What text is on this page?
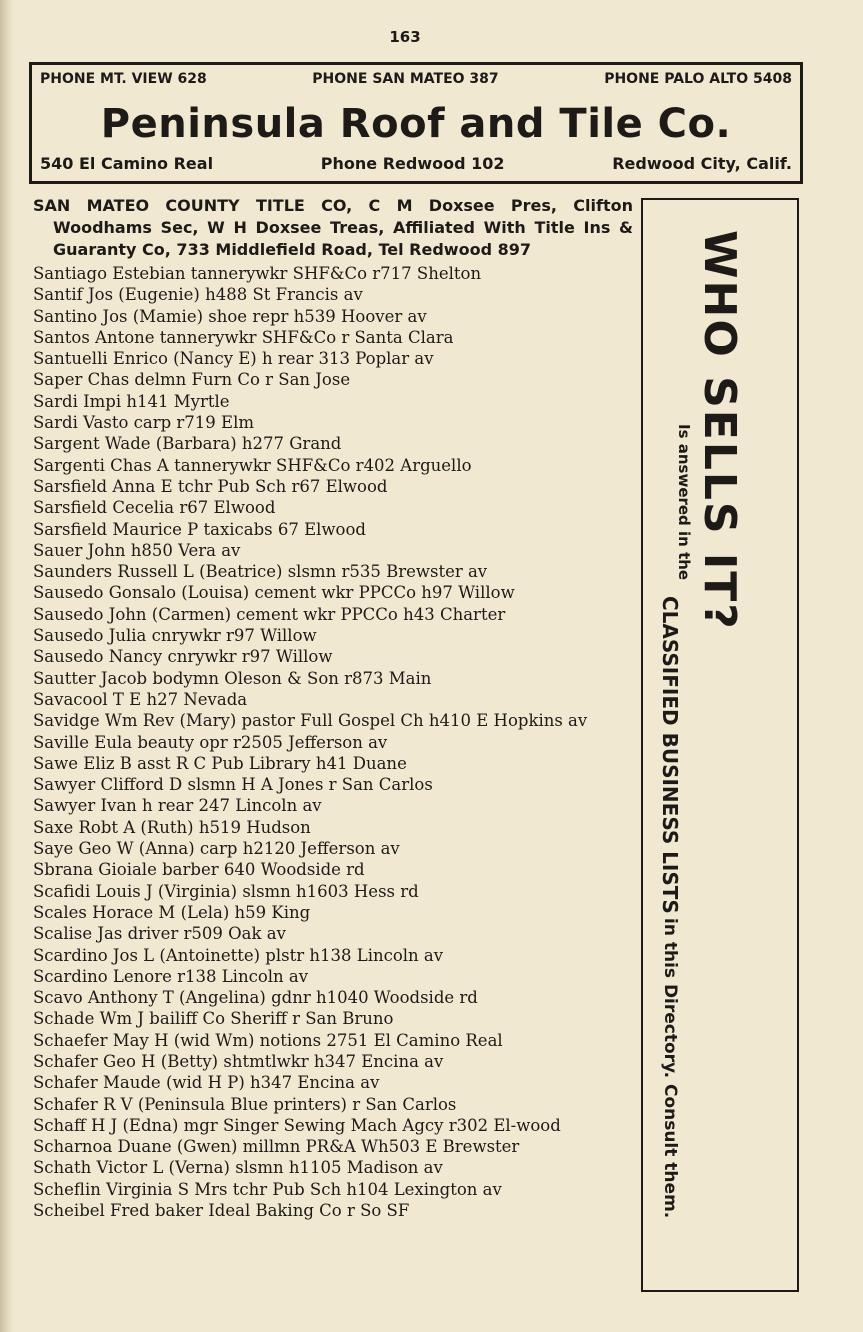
163
PHONE MT. VIEW 628	PHONE SAN MATEO 387	PHONE PALO ALTO 5408
Peninsula Roof and Tile Co.
540 El Camino Real	Phone Redwood 102	Redwood City, Calif.
SAN MATEO COUNTY TITLE CO, C M Doxsee Pres, Clifton Woodhams Sec, W H Doxsee Treas, Affiliated With Title Ins & Guaranty Co, 733 Middlefield Road, Tel Redwood 897
Santiago Estebian tannerywkr SHF&Co r717 Shelton
Santif Jos (Eugenie) h488 St Francis av
Santino Jos (Mamie) shoe repr h539 Hoover av
Santos Antone tannerywkr SHF&Co r Santa Clara
Santuelli Enrico (Nancy E) h rear 313 Poplar av
Saper Chas delmn Furn Co r San Jose
Sardi Impi h141 Myrtle
Sardi Vasto carp r719 Elm
Sargent Wade (Barbara) h277 Grand
Sargenti Chas A tannerywkr SHF&Co r402 Arguello
Sarsfield Anna E tchr Pub Sch r67 Elwood
Sarsfield Cecelia r67 Elwood
Sarsfield Maurice P taxicabs 67 Elwood
Sauer John h850 Vera av
Saunders Russell L (Beatrice) slsmn r535 Brewster av
Sausedo Gonsalo (Louisa) cement wkr PPCCo h97 Willow
Sausedo John (Carmen) cement wkr PPCCo h43 Charter
Sausedo Julia cnrywkr r97 Willow
Sausedo Nancy cnrywkr r97 Willow
Sautter Jacob bodymn Oleson & Son r873 Main
Savacool T E h27 Nevada
Savidge Wm Rev (Mary) pastor Full Gospel Ch h410 E Hopkins av
Saville Eula beauty opr r2505 Jefferson av
Sawe Eliz B asst R C Pub Library h41 Duane
Sawyer Clifford D slsmn H A Jones r San Carlos
Sawyer Ivan h rear 247 Lincoln av
Saxe Robt A (Ruth) h519 Hudson
Saye Geo W (Anna) carp h2120 Jefferson av
Sbrana Gioiale barber 640 Woodside rd
Scafidi Louis J (Virginia) slsmn h1603 Hess rd
Scales Horace M (Lela) h59 King
Scalise Jas driver r509 Oak av
Scardino Jos L (Antoinette) plstr h138 Lincoln av
Scardino Lenore r138 Lincoln av
Scavo Anthony T (Angelina) gdnr h1040 Woodside rd
Schade Wm J bailiff Co Sheriff r San Bruno
Schaefer May H (wid Wm) notions 2751 El Camino Real
Schafer Geo H (Betty) shtmtlwkr h347 Encina av
Schafer Maude (wid H P) h347 Encina av
Schafer R V (Peninsula Blue printers) r San Carlos
Schaff H J (Edna) mgr Singer Sewing Mach Agcy r302 El-wood
Scharnoa Duane (Gwen) millmn PR&A Wh503 E Brewster
Schath Victor L (Verna) slsmn h1105 Madison av
Scheflin Virginia S Mrs tchr Pub Sch h104 Lexington av
Scheibel Fred baker Ideal Baking Co r So SF
WHO SELLS IT?
Is answered in the
CLASSIFIED BUSINESS LISTS
in this Directory. Consult them.
